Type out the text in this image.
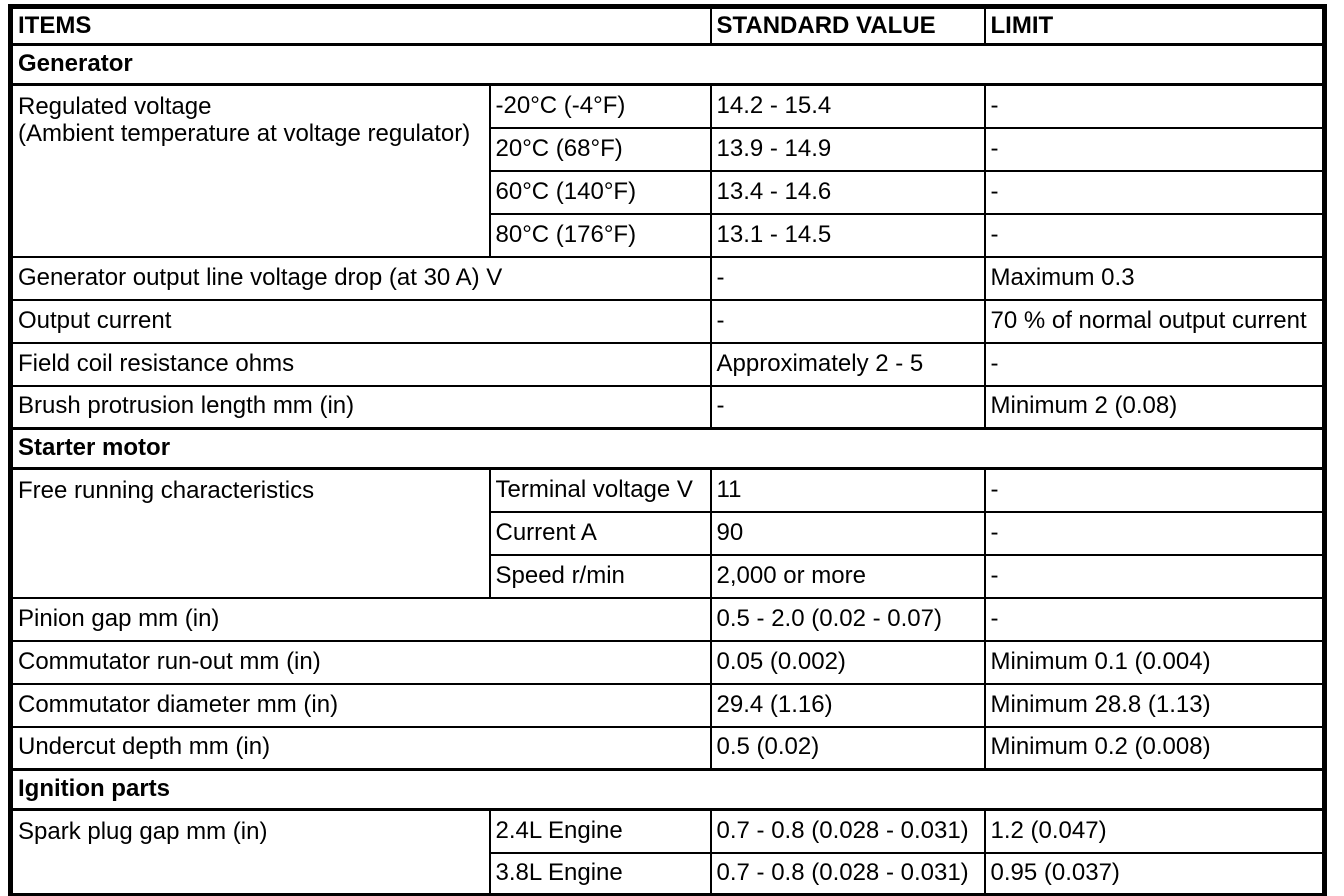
ITEMS		STANDARD VALUE	LIMIT
Generator			

Regulated voltage
(Ambient temperature at voltage regulator)	-20°C (-4°F)	14.2 - 15.4	-
	20°C (68°F)	13.9 - 14.9	-
	60°C (140°F)	13.4 - 14.6	-
	80°C (176°F)	13.1 - 14.5	-
Generator output line voltage drop (at 30 A) V		-	Maximum 0.3
Output current		-	70 % of normal output current
Field coil resistance ohms		Approximately 2 - 5	-
Brush protrusion length mm (in)		-	Minimum 2 (0.08)
Starter motor			

Free running characteristics	Terminal voltage V	11	-
	Current A	90	-
	Speed r/min	2,000 or more	-
Pinion gap mm (in)		0.5 - 2.0 (0.02 - 0.07)	-
Commutator run-out mm (in)		0.05 (0.002)	Minimum 0.1 (0.004)
Commutator diameter mm (in)		29.4 (1.16)	Minimum 28.8 (1.13)
Undercut depth mm (in)		0.5 (0.02)	Minimum 0.2 (0.008)
Ignition parts			

Spark plug gap mm (in)	2.4L Engine	0.7 - 0.8 (0.028 - 0.031)	1.2 (0.047)
	3.8L Engine	0.7 - 0.8 (0.028 - 0.031)	0.95 (0.037)
